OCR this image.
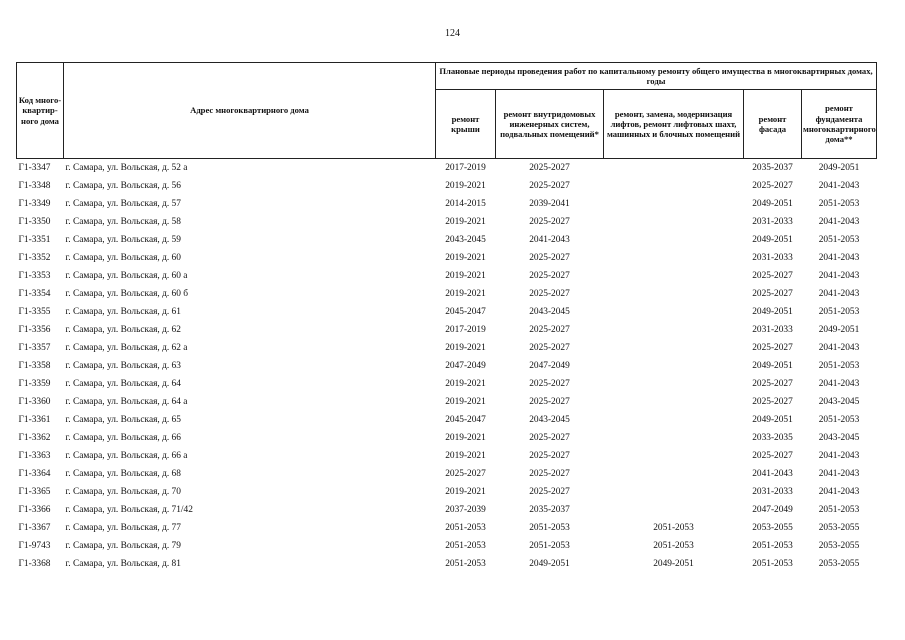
124
Код много-квартир-ного дома	Адрес многоквартирного дома	Плановые периоды проведения работ по капитальному ремонту общего имущества в многоквартирных домах, годы				
		ремонт крыши	ремонт внутридомовых инженерных систем, подвальных помещений*	ремонт, замена, модернизация лифтов, ремонт лифтовых шахт, машинных и блочных помещений	ремонт фасада	ремонт фундамента многоквартирного дома**
Г1-3347	г. Самара, ул. Вольская, д. 52 а	2017-2019	2025-2027		2035-2037	2049-2051
Г1-3348	г. Самара, ул. Вольская, д. 56	2019-2021	2025-2027		2025-2027	2041-2043
Г1-3349	г. Самара, ул. Вольская, д. 57	2014-2015	2039-2041		2049-2051	2051-2053
Г1-3350	г. Самара, ул. Вольская, д. 58	2019-2021	2025-2027		2031-2033	2041-2043
Г1-3351	г. Самара, ул. Вольская, д. 59	2043-2045	2041-2043		2049-2051	2051-2053
Г1-3352	г. Самара, ул. Вольская, д. 60	2019-2021	2025-2027		2031-2033	2041-2043
Г1-3353	г. Самара, ул. Вольская, д. 60 а	2019-2021	2025-2027		2025-2027	2041-2043
Г1-3354	г. Самара, ул. Вольская, д. 60 б	2019-2021	2025-2027		2025-2027	2041-2043
Г1-3355	г. Самара, ул. Вольская, д. 61	2045-2047	2043-2045		2049-2051	2051-2053
Г1-3356	г. Самара, ул. Вольская, д. 62	2017-2019	2025-2027		2031-2033	2049-2051
Г1-3357	г. Самара, ул. Вольская, д. 62 а	2019-2021	2025-2027		2025-2027	2041-2043
Г1-3358	г. Самара, ул. Вольская, д. 63	2047-2049	2047-2049		2049-2051	2051-2053
Г1-3359	г. Самара, ул. Вольская, д. 64	2019-2021	2025-2027		2025-2027	2041-2043
Г1-3360	г. Самара, ул. Вольская, д. 64 а	2019-2021	2025-2027		2025-2027	2043-2045
Г1-3361	г. Самара, ул. Вольская, д. 65	2045-2047	2043-2045		2049-2051	2051-2053
Г1-3362	г. Самара, ул. Вольская, д. 66	2019-2021	2025-2027		2033-2035	2043-2045
Г1-3363	г. Самара, ул. Вольская, д. 66 а	2019-2021	2025-2027		2025-2027	2041-2043
Г1-3364	г. Самара, ул. Вольская, д. 68	2025-2027	2025-2027		2041-2043	2041-2043
Г1-3365	г. Самара, ул. Вольская, д. 70	2019-2021	2025-2027		2031-2033	2041-2043
Г1-3366	г. Самара, ул. Вольская, д. 71/42	2037-2039	2035-2037		2047-2049	2051-2053
Г1-3367	г. Самара, ул. Вольская, д. 77	2051-2053	2051-2053	2051-2053	2053-2055	2053-2055
Г1-9743	г. Самара, ул. Вольская, д. 79	2051-2053	2051-2053	2051-2053	2051-2053	2053-2055
Г1-3368	г. Самара, ул. Вольская, д. 81	2051-2053	2049-2051	2049-2051	2051-2053	2053-2055
